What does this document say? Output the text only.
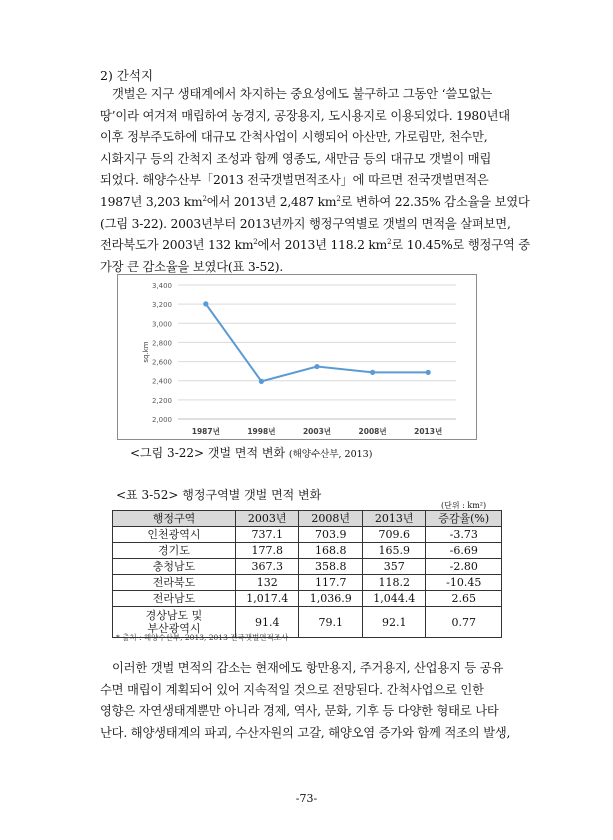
2) 간석지
갯벌은 지구 생태계에서 차지하는 중요성에도 불구하고 그동안 ‘쓸모없는
땅’이라 여겨져 매립하여 농경지, 공장용지, 도시용지로 이용되었다. 1980년대
이후 정부주도하에 대규모 간척사업이 시행되어 아산만, 가로림만, 천수만,
시화지구 등의 간척지 조성과 함께 영종도, 새만금 등의 대규모 갯벌이 매립
되었다. 해양수산부「2013 전국갯벌면적조사」에 따르면 전국갯벌면적은
1987년 3,203 $km^2$에서 2013년 2,487 $km^2$로 변하여 22.35% 감소율을 보였다
(그림 3-22). 2003년부터 2013년까지 행정구역별로 갯벌의 면적을 살펴보면,
전라북도가 2003년 132 $km^2$에서 2013년 118.2 $km^2$로 10.45%로 행정구역 중
가장 큰 감소율을 보였다(표 3-52).
2,000
2,200
2,400
2,600
2,800
3,000
3,200
3,400
sq.km
1987년	1998년	2003년	2008년	2013년
<그림 3-22> 갯벌 면적 변화 (해양수산부, 2013)
<표 3-52> 행정구역별 갯벌 면적 변화
(단위 : km²)
행정구역	2003년	2008년	2013년	증감율(%)
인천광역시	737.1	703.9	709.6	-3.73
경기도	177.8	168.8	165.9	-6.69
충청남도	367.3	358.8	357	-2.80
전라북도	132	117.7	118.2	-10.45
전라남도	1,017.4	1,036.9	1,044.4	2.65
경상남도 및
부산광역시	91.4	79.1	92.1	0.77
* 출처 : 해양수산부, 2013, 2013 전국갯벌면적조사
이러한 갯벌 면적의 감소는 현재에도 항만용지, 주거용지, 산업용지 등 공유
수면 매립이 계획되어 있어 지속적일 것으로 전망된다. 간척사업으로 인한
영향은 자연생태계뿐만 아니라 경제, 역사, 문화, 기후 등 다양한 형태로 나타
난다. 해양생태계의 파괴, 수산자원의 고갈, 해양오염 증가와 함께 적조의 발생,
-73-
